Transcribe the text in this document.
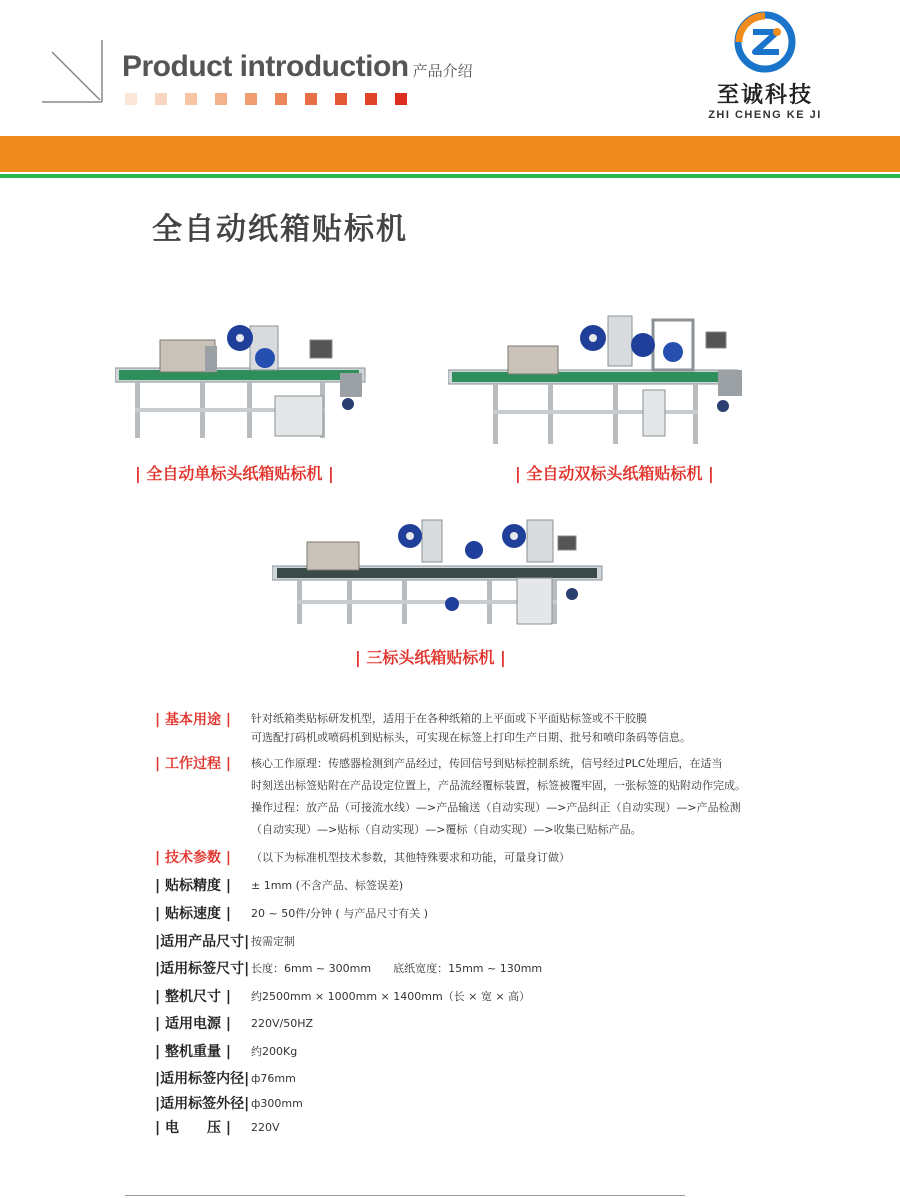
Product introduction 产品介绍
至诚科技
ZHI CHENG KE JI
全自动纸箱贴标机
| 全自动单标头纸箱贴标机 |	| 全自动双标头纸箱贴标机 |
| 三标头纸箱贴标机 |
| 基本用途 |	针对纸箱类贴标研发机型，适用于在各种纸箱的上平面或下平面贴标签或不干胶膜

可选配打码机或喷码机到贴标头，可实现在标签上打印生产日期、批号和喷印条码等信息。

| 工作过程 |	核心工作原理：传感器检测到产品经过，传回信号到贴标控制系统，信号经过PLC处理后，在适当

时刻送出标签贴附在产品设定位置上，产品流经覆标装置，标签被覆牢固，一张标签的贴附动作完成。

操作过程：放产品（可接流水线）—>产品输送（自动实现）—>产品纠正（自动实现）—>产品检测

（自动实现）—>贴标（自动实现）—>覆标（自动实现）—>收集已贴标产品。

| 技术参数 |	（以下为标准机型技术参数，其他特殊要求和功能，可量身订做）
| 贴标精度 |	± 1mm (不含产品、标签误差)
| 贴标速度 |	20 ~ 50件/分钟 ( 与产品尺寸有关 )
|适用产品尺寸| 按需定制
|适用标签尺寸| 长度：6mm ~ 300mm 底纸宽度：15mm ~ 130mm
| 整机尺寸 |	约2500mm × 1000mm × 1400mm（长 × 宽 × 高）
| 适用电源 |	220V/50HZ
| 整机重量 |	约200Kg
|适用标签内径| ф76mm
|适用标签外径| ф300mm
| 电　　压 |	220V
